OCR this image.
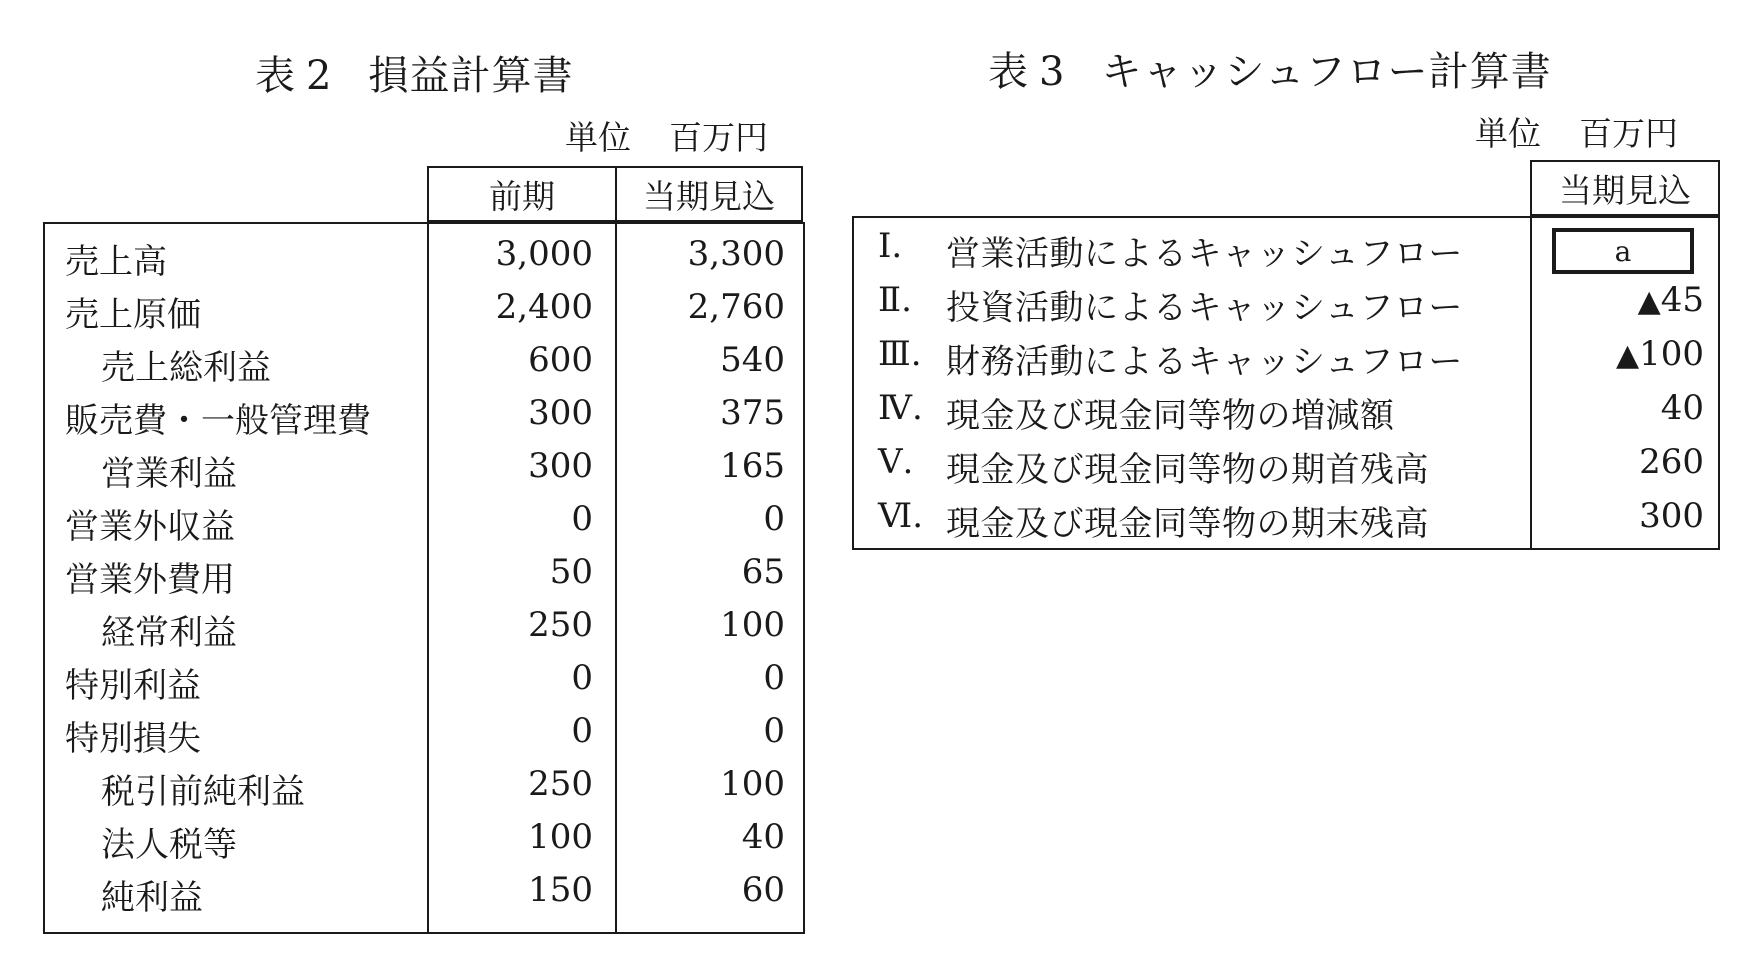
表 2 損益計算書
単位 百万円
前期	当期見込
売上高	3,000	3,300
売上原価	2,400	2,760
売上総利益	600	540
販売費・一般管理費	300	375
営業利益	300	165
営業外収益	0	0
営業外費用	50	65
経常利益	250	100
特別利益	0	0
特別損失	0	0
税引前純利益	250	100
法人税等	100	40
純利益	150	60
表 3 キャッシュフロー計算書
単位 百万円
当期見込
Ⅰ.	営業活動によるキャッシュフロー	a
Ⅱ.	投資活動によるキャッシュフロー	▲45
Ⅲ. 財務活動によるキャッシュフロー	▲100
Ⅳ. 現金及び現金同等物の増減額	40
Ⅴ. 現金及び現金同等物の期首残高	260
Ⅵ. 現金及び現金同等物の期末残高	300
